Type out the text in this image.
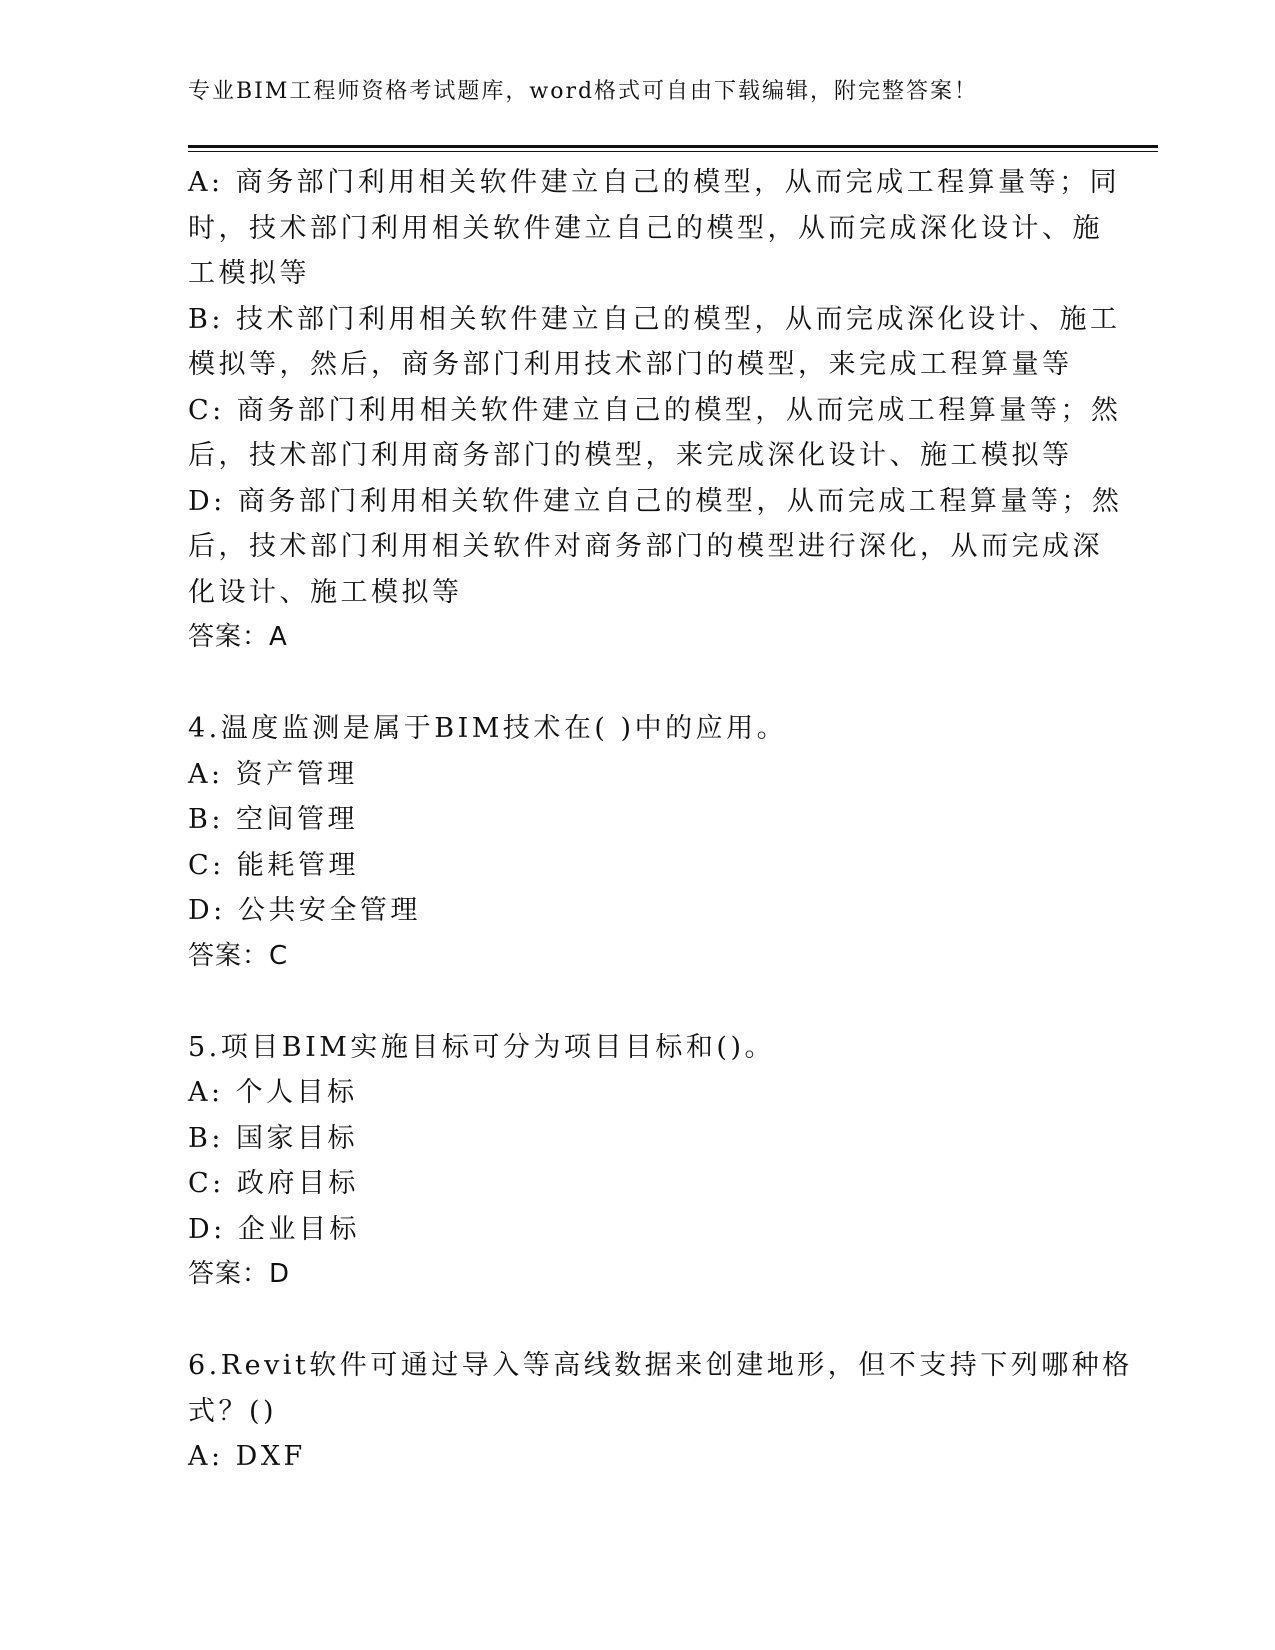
专业BIM工程师资格考试题库，word格式可自由下载编辑，附完整答案！
A: 商务部门利用相关软件建立自己的模型，从而完成工程算量等；同
时，技术部门利用相关软件建立自己的模型，从而完成深化设计、施
工模拟等
B: 技术部门利用相关软件建立自己的模型，从而完成深化设计、施工
模拟等，然后，商务部门利用技术部门的模型，来完成工程算量等
C: 商务部门利用相关软件建立自己的模型，从而完成工程算量等；然
后，技术部门利用商务部门的模型，来完成深化设计、施工模拟等
D: 商务部门利用相关软件建立自己的模型，从而完成工程算量等；然
后，技术部门利用相关软件对商务部门的模型进行深化，从而完成深
化设计、施工模拟等
答案：A
4.温度监测是属于BIM技术在( )中的应用。
A: 资产管理
B: 空间管理
C: 能耗管理
D: 公共安全管理
答案：C
5.项目BIM实施目标可分为项目目标和()。
A: 个人目标
B: 国家目标
C: 政府目标
D: 企业目标
答案：D
6.Revit软件可通过导入等高线数据来创建地形，但不支持下列哪种格
式？()
A: DXF
